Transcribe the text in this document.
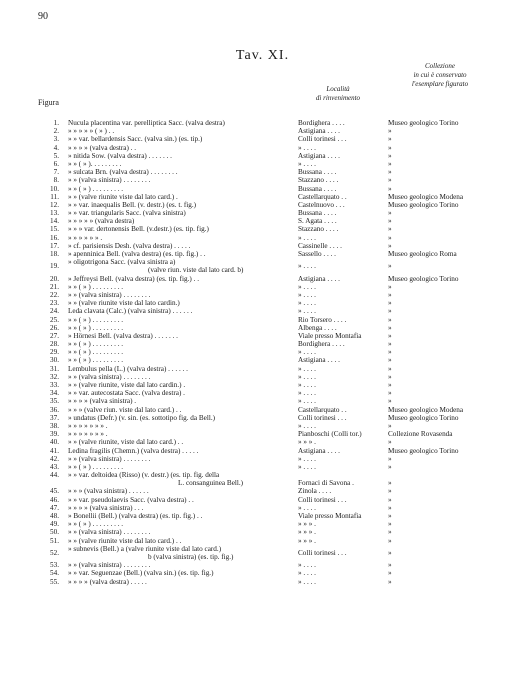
90
Tav. XI.
Figura
Località
di rinvenimento
Collezione
in cui è conservato
l'esemplare figurato
1. Nucula placentina var. perelliptica Sacc. (valva destra)	Bordighera . . . .	Museo geologico Torino
2. » » » » » ( » ) . .	Astigiana . . . .	»
3. » » var. bellardensis Sacc. (valva sin.) (es. tip.)	Colli torinesi . . .	»
4. » » » » (valva destra) . .	» . . . .	»
5. » nitida Sow. (valva destra) . . . . . . .	Astigiana . . . .	»
6. » » ( » ). . . . . . . . .	» . . . .	»
7. » sulcata Brn. (valva destra) . . . . . . . .	Bussana . . . .	»
8. » » (valva sinistra) . . . . . . . .	Stazzano . . . .	»
10. » » ( » ) . . . . . . . . .	Bussana . . . .	»
11. » » (valve riunite viste dal lato card.) .	Castellarquato . .	Museo geologico Modena
12. » » var. inaequalis Bell. (v. destr.) (es. t. fig.)	Castelnuovo . . .	Museo geologico Torino
13. » » var. triangularis Sacc. (valva sinistra)	Bussana . . . .	»
14. » » » » » (valva destra)	S. Agata . . . .	»
15. » » » var. dertonensis Bell. (v.destr.) (es. tip. fig.)	Stazzano . . . .	»
16. » » » » » » .	» . . . .	»
17. » cf. parisiensis Desh. (valva destra) . . . . .	Cassinelle . . . .	»
18. » apenninica Bell. (valva destra) (es. tip. fig.) . .	Sassello . . . .	Museo geologico Roma
19. » oligotrigona Sacc. (valva sinistra a)
(valve riun. viste dal lato card. b)
» . . . .	»
20. » Jeffreysi Bell. (valva destra) (es. tip. fig.) . .	Astigiana . . . .	Museo geologico Torino
21. » » ( » ) . . . . . . . . .	» . . . .	»
22. » » (valva sinistra) . . . . . . . .	» . . . .	»
23. » » (valve riunite viste dal lato cardin.)	» . . . .	»
24. Leda clavata (Calc.) (valva sinistra) . . . . . .	» . . . .	»
25. » » ( » ) . . . . . . . . .	Rio Torsero . . . .	»
26. » » ( » ) . . . . . . . . .	Albenga . . . .	»
27. » Hörnesi Bell. (valva destra) . . . . . . .	Viale presso Montafia	»
28. » » ( » ) . . . . . . . . .	Bordighera . . . .	»
29. » » ( » ) . . . . . . . . .	» . . . .	»
30. » » ( » ) . . . . . . . . .	Astigiana . . . .	»
31. Lembulus pella (L.) (valva destra) . . . . . .	» . . . .	»
32. » » (valva sinistra) . . . . . . . .	» . . . .	»
33. » » (valve riunite, viste dal lato cardin.) .	» . . . .	»
34. » » var. autecostata Sacc. (valva destra) .	» . . . .	»
35. » » » » (valva sinistra) .	» . . . .	»
36. » » » (valve riun. viste dal lato card.) . .	Castellarquato . .	Museo geologico Modena
37. » undatus (Defr.) (v. sin. (es. sottotipo fig. da Bell.)	Colli torinesi . . .	Museo geologico Torino
38. » » » » » » » .	» . . . .	»
39. » » » » » » » .	Pianboschi (Colli tor.)	Collezione Rovasenda
40. » » (valve riunite, viste dal lato card.) . .	» » » .	»
41. Ledina fragilis (Chemn.) (valva destra) . . . . .	Astigiana . . . .	Museo geologico Torino
42. » » (valva sinistra) . . . . . . . .	» . . . .	»
43. » » ( » ) . . . . . . . . .	» . . . .	»
44. » » var. deltoidea (Risso) (v. destr.) (es. tip. fig. della
L. consanguinea Bell.)	Fornaci di Savona .	»
45. » » » (valva sinistra) . . . . . .	Zinola . . . .	»
46. » » var. pseudolaevis Sacc. (valva destra) . .	Colli torinesi . . .	»
47. » » » » (valva sinistra) . . .	» . . . .	»
48. » Bonellii (Bell.) (valva destra) (es. tip. fig.) . .	Viale presso Montafia	»
49. » » ( » ) . . . . . . . . .	» » » .	»
50. » » (valva sinistra) . . . . . . . .	» » » .	»
51. » » (valve riunite viste dal lato card.) . .	» » » .	»
52. » subnevis (Bell.) a (valve riunite viste dal lato card.)
b (valva sinistra) (es. tip. fig.)
Colli torinesi . . .	»
53. » » (valva sinistra) . . . . . . . .	» . . . .	»
54. » » var. Seguenzae (Bell.) (valva sin.) (es. tip. fig.)	» . . . .	»
55. » » » » (valva destra) . . . . .	» . . . .	»
